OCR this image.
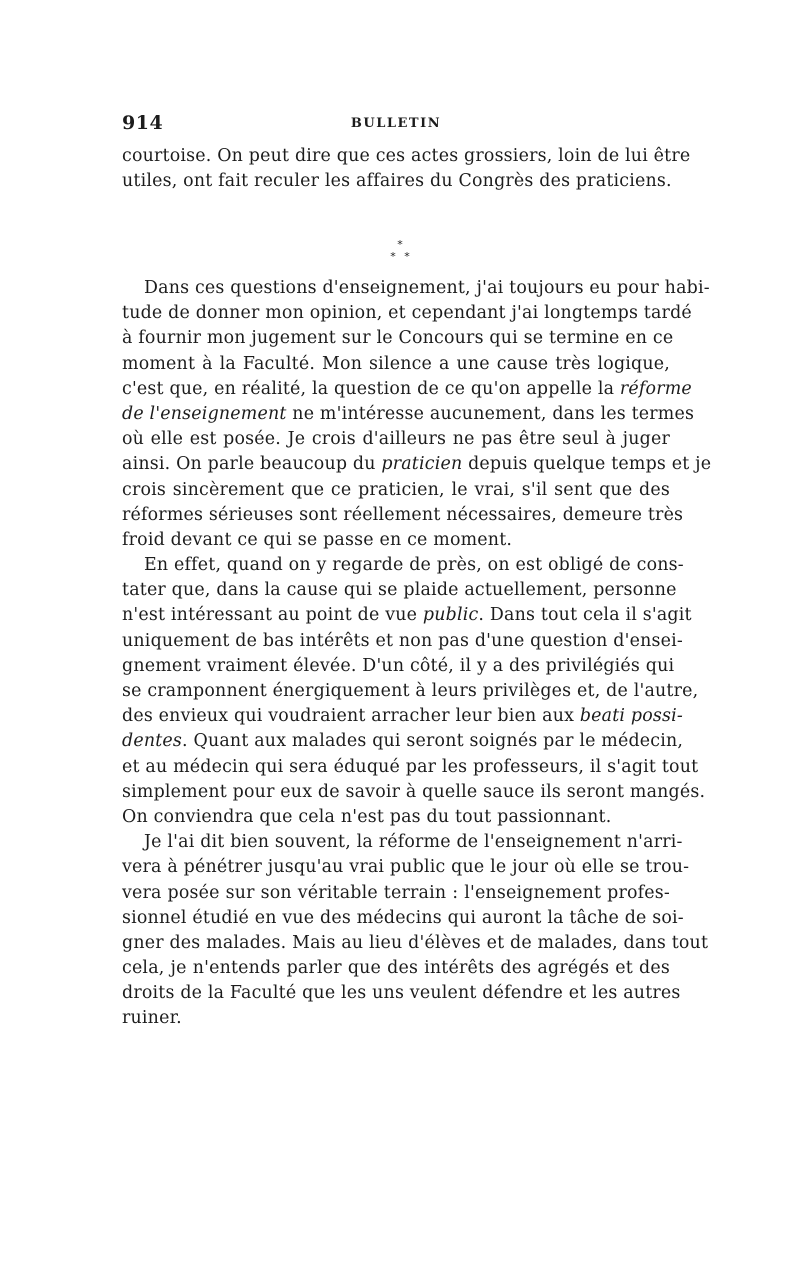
914	BULLETIN
courtoise. On peut dire que ces actes grossiers, loin de lui être
utiles, ont fait reculer les affaires du Congrès des praticiens.
*
* *
Dans ces questions d'enseignement, j'ai toujours eu pour habi-
tude de donner mon opinion, et cependant j'ai longtemps tardé
à fournir mon jugement sur le Concours qui se termine en ce
moment à la Faculté. Mon silence a une cause très logique,
c'est que, en réalité, la question de ce qu'on appelle la réforme
de l'enseignement ne m'intéresse aucunement, dans les termes
où elle est posée. Je crois d'ailleurs ne pas être seul à juger
ainsi. On parle beaucoup du praticien depuis quelque temps et je
crois sincèrement que ce praticien, le vrai, s'il sent que des
réformes sérieuses sont réellement nécessaires, demeure très
froid devant ce qui se passe en ce moment.
En effet, quand on y regarde de près, on est obligé de cons-
tater que, dans la cause qui se plaide actuellement, personne
n'est intéressant au point de vue public. Dans tout cela il s'agit
uniquement de bas intérêts et non pas d'une question d'ensei-
gnement vraiment élevée. D'un côté, il y a des privilégiés qui
se cramponnent énergiquement à leurs privilèges et, de l'autre,
des envieux qui voudraient arracher leur bien aux beati possi-
dentes. Quant aux malades qui seront soignés par le médecin,
et au médecin qui sera éduqué par les professeurs, il s'agit tout
simplement pour eux de savoir à quelle sauce ils seront mangés.
On conviendra que cela n'est pas du tout passionnant.
Je l'ai dit bien souvent, la réforme de l'enseignement n'arri-
vera à pénétrer jusqu'au vrai public que le jour où elle se trou-
vera posée sur son véritable terrain : l'enseignement profes-
sionnel étudié en vue des médecins qui auront la tâche de soi-
gner des malades. Mais au lieu d'élèves et de malades, dans tout
cela, je n'entends parler que des intérêts des agrégés et des
droits de la Faculté que les uns veulent défendre et les autres
ruiner.
